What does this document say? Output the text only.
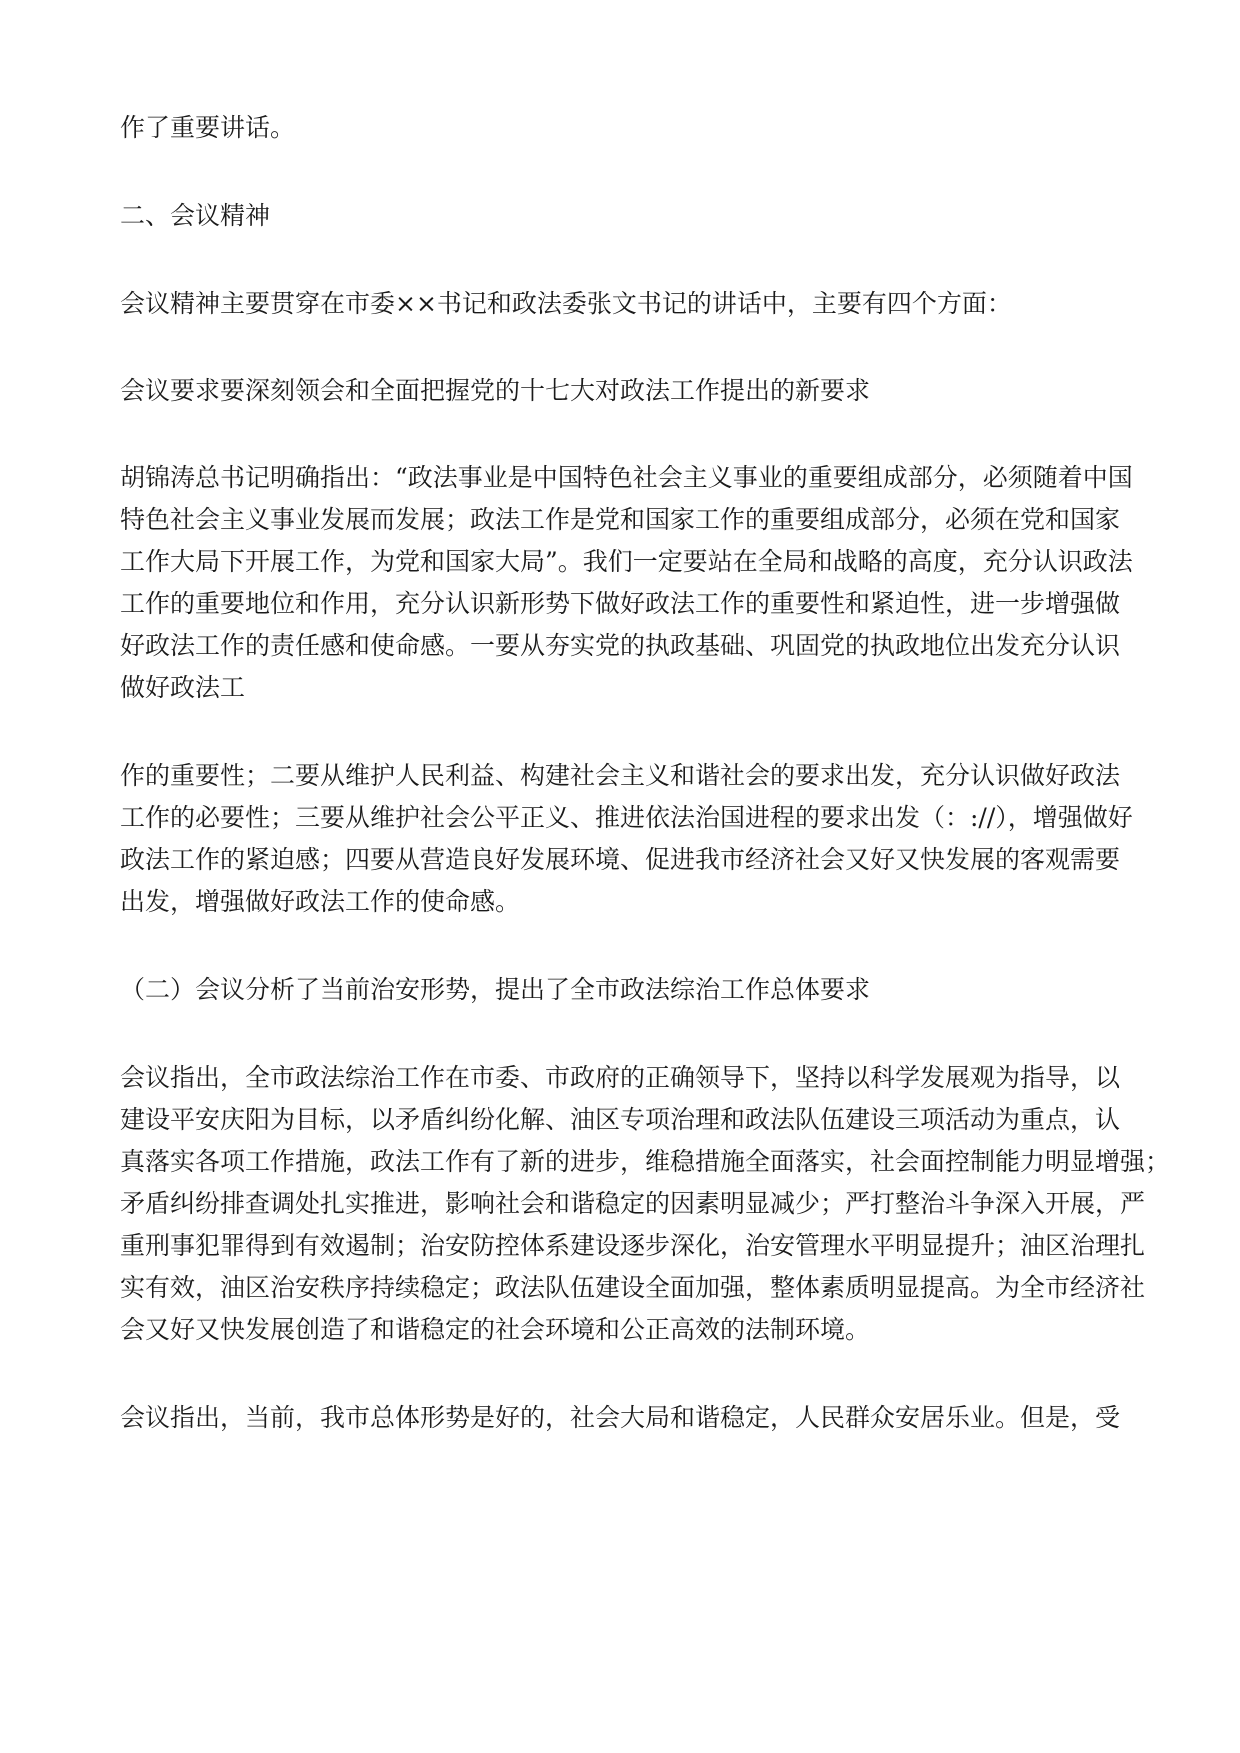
作了重要讲话。

二、会议精神

会议精神主要贯穿在市委××书记和政法委张文书记的讲话中，主要有四个方面：

会议要求要深刻领会和全面把握党的十七大对政法工作提出的新要求

胡锦涛总书记明确指出：“政法事业是中国特色社会主义事业的重要组成部分，必须随着中国

特色社会主义事业发展而发展；政法工作是党和国家工作的重要组成部分，必须在党和国家

工作大局下开展工作，为党和国家大局”。我们一定要站在全局和战略的高度，充分认识政法

工作的重要地位和作用，充分认识新形势下做好政法工作的重要性和紧迫性，进一步增强做

好政法工作的责任感和使命感。一要从夯实党的执政基础、巩固党的执政地位出发充分认识

做好政法工

作的重要性；二要从维护人民利益、构建社会主义和谐社会的要求出发，充分认识做好政法

工作的必要性；三要从维护社会公平正义、推进依法治国进程的要求出发（：://），增强做好

政法工作的紧迫感；四要从营造良好发展环境、促进我市经济社会又好又快发展的客观需要

出发，增强做好政法工作的使命感。

（二）会议分析了当前治安形势，提出了全市政法综治工作总体要求

会议指出，全市政法综治工作在市委、市政府的正确领导下，坚持以科学发展观为指导，以

建设平安庆阳为目标，以矛盾纠纷化解、油区专项治理和政法队伍建设三项活动为重点，认

真落实各项工作措施，政法工作有了新的进步，维稳措施全面落实，社会面控制能力明显增强；

矛盾纠纷排查调处扎实推进，影响社会和谐稳定的因素明显减少；严打整治斗争深入开展，严

重刑事犯罪得到有效遏制；治安防控体系建设逐步深化，治安管理水平明显提升；油区治理扎

实有效，油区治安秩序持续稳定；政法队伍建设全面加强，整体素质明显提高。为全市经济社

会又好又快发展创造了和谐稳定的社会环境和公正高效的法制环境。

会议指出，当前，我市总体形势是好的，社会大局和谐稳定，人民群众安居乐业。但是，受
